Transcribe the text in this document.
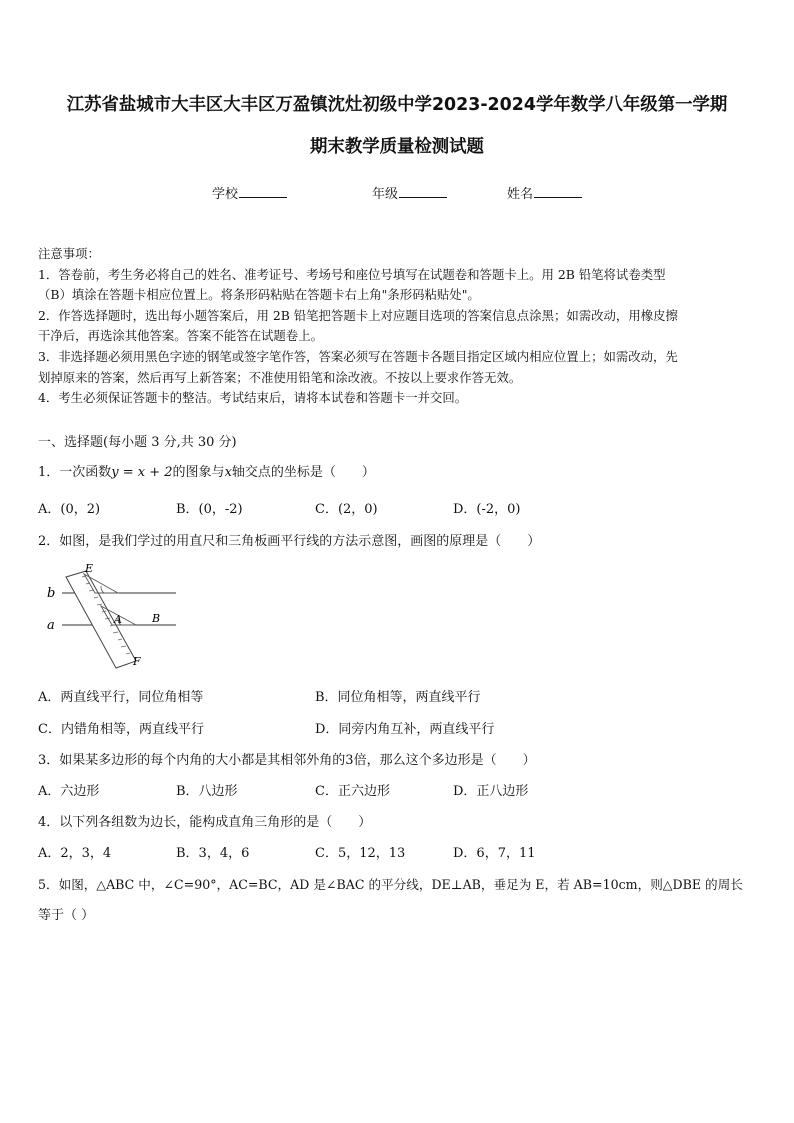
江苏省盐城市大丰区大丰区万盈镇沈灶初级中学2023-2024学年数学八年级第一学期
期末教学质量检测试题
学校	年级	姓名
注意事项：
1．答卷前，考生务必将自己的姓名、准考证号、考场号和座位号填写在试题卷和答题卡上。用 2B 铅笔将试卷类型
（B）填涂在答题卡相应位置上。将条形码粘贴在答题卡右上角"条形码粘贴处"。
2．作答选择题时，选出每小题答案后，用 2B 铅笔把答题卡上对应题目选项的答案信息点涂黑；如需改动，用橡皮擦
干净后，再选涂其他答案。答案不能答在试题卷上。
3．非选择题必须用黑色字迹的钢笔或签字笔作答，答案必须写在答题卡各题目指定区域内相应位置上；如需改动，先
划掉原来的答案，然后再写上新答案；不准使用铅笔和涂改液。不按以上要求作答无效。
4．考生必须保证答题卡的整洁。考试结束后，请将本试卷和答题卡一并交回。
一、选择题(每小题 3 分,共 30 分)
1．一次函数y = x + 2的图象与x轴交点的坐标是（　　）
A．(0，2)	B．(0，-2)	C．(2，0)	D．(-2，0)
2．如图，是我们学过的用直尺和三角板画平行线的方法示意图，画图的原理是（　　）
E
b
a	A	B
F
A．两直线平行，同位角相等	B．同位角相等，两直线平行
C．内错角相等，两直线平行	D．同旁内角互补，两直线平行
3．如果某多边形的每个内角的大小都是其相邻外角的3倍，那么这个多边形是（　　）
A．六边形	B．八边形	C．正六边形	D．正八边形
4．以下列各组数为边长，能构成直角三角形的是（　　）
A．2，3，4	B．3，4，6	C．5，12，13	D．6，7，11
5．如图，△ABC 中，∠C=90°，AC=BC，AD 是∠BAC 的平分线，DE⊥AB，垂足为 E，若 AB=10cm，则△DBE 的周长
等于（ ）
